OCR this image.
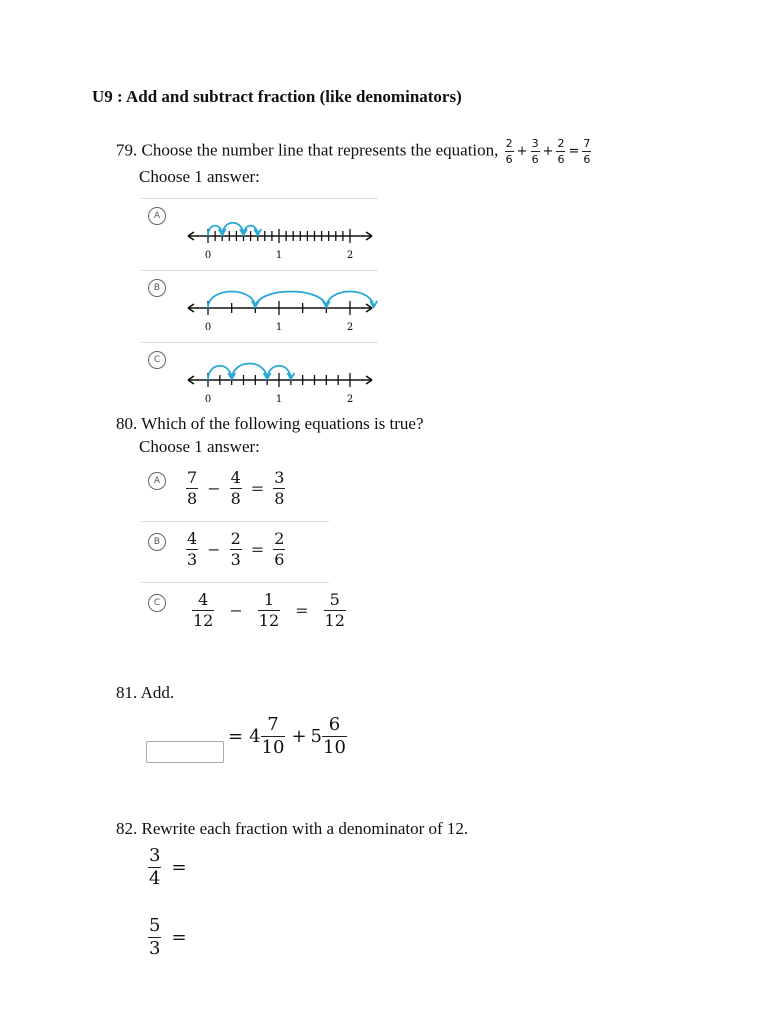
U9 : Add and subtract fraction (like denominators)
79. Choose the number line that represents the equation, $\frac{2}{6} + \frac{3}{6} + \frac{2}{6} = \frac{7}{6}$
Choose 1 answer:
A
0	1	2
B
0	1	2
C
0	1	2
80. Which of the following equations is true?
Choose 1 answer:
A	$\frac{7}{8} - \frac{4}{8} = \frac{3}{8}$
B	$\frac{4}{3} - \frac{2}{3} = \frac{2}{6}$
C	$\frac{4}{12} - \frac{1}{12} = \frac{5}{12}$
81. Add.
= $4 \frac{7}{10} + 5 \frac{6}{10}$
82. Rewrite each fraction with a denominator of 12.
$\frac{3}{4}$ =
$\frac{5}{3}$ =
